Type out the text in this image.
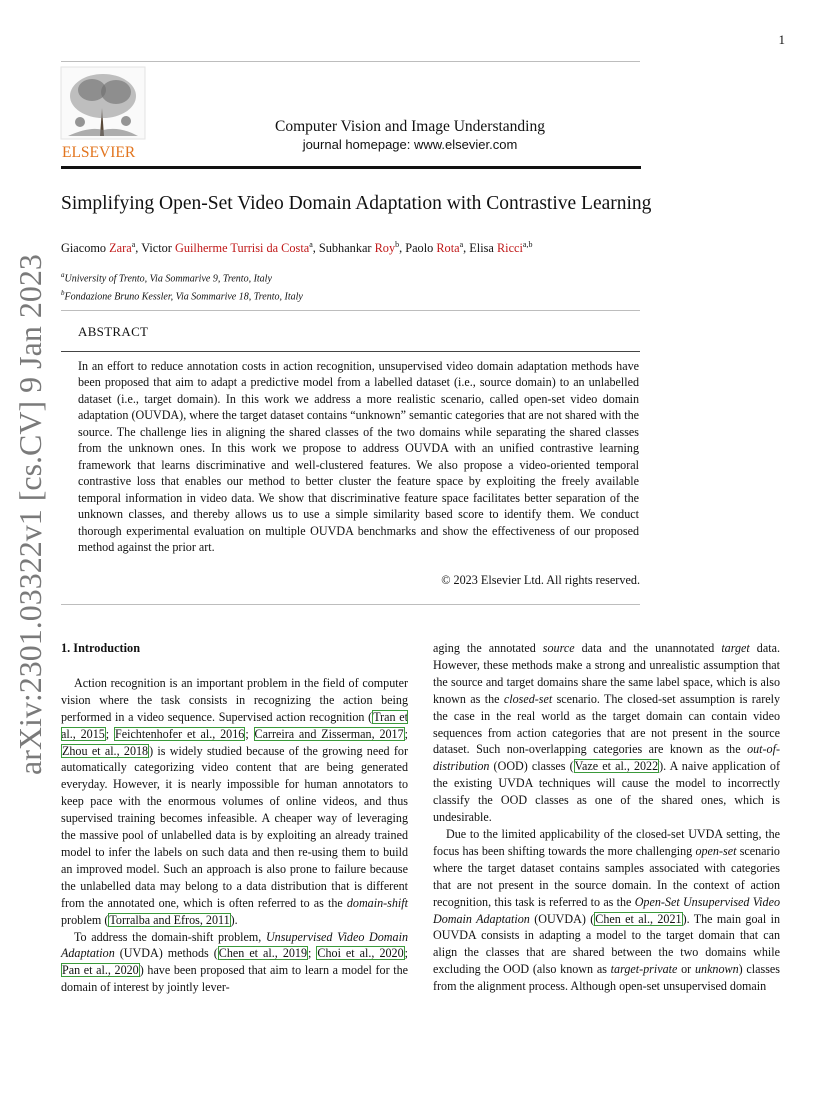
1
arXiv:2301.03322v1 [cs.CV] 9 Jan 2023
ELSEVIER
Computer Vision and Image Understanding
journal homepage: www.elsevier.com
Simplifying Open-Set Video Domain Adaptation with Contrastive Learning
Giacomo Zara$^a$, Victor Guilherme Turrisi da Costa$^a$, Subhankar Roy$^b$, Paolo Rota$^a$, Elisa Ricci$^{a,b}$
$^a$University of Trento, Via Sommarive 9, Trento, Italy
$^b$Fondazione Bruno Kessler, Via Sommarive 18, Trento, Italy
ABSTRACT
In an effort to reduce annotation costs in action recognition, unsupervised video domain adaptation methods have been proposed that aim to adapt a predictive model from a labelled dataset (i.e., source domain) to an unlabelled dataset (i.e., target domain). In this work we address a more realistic scenario, called open-set video domain adaptation (OUVDA), where the target dataset contains “unknown” semantic categories that are not shared with the source. The challenge lies in aligning the shared classes of the two domains while separating the shared classes from the unknown ones. In this work we propose to address OUVDA with an unified contrastive learning framework that learns discriminative and well-clustered features. We also propose a video-oriented temporal contrastive loss that enables our method to better cluster the feature space by exploiting the freely available temporal information in video data. We show that discriminative feature space facilitates better separation of the unknown classes, and thereby allows us to use a simple similarity based score to identify them. We conduct thorough experimental evaluation on multiple OUVDA benchmarks and show the effectiveness of our proposed method against the prior art.
© 2023 Elsevier Ltd. All rights reserved.
1. Introduction

Action recognition is an important problem in the field of computer vision where the task consists in recognizing the action being performed in a video sequence. Supervised action recognition (Tran et al., 2015; Feichtenhofer et al., 2016; Carreira and Zisserman, 2017; Zhou et al., 2018) is widely studied because of the growing need for automatically categorizing video content that are being generated everyday. However, it is nearly impossible for human annotators to keep pace with the enormous volumes of online videos, and thus supervised training becomes infeasible. A cheaper way of leveraging the massive pool of unlabelled data is by exploiting an already trained model to infer the labels on such data and then re-using them to build an improved model. Such an approach is also prone to failure because the unlabelled data may belong to a data distribution that is different from the annotated one, which is often referred to as the domain-shift problem (Torralba and Efros, 2011).

To address the domain-shift problem, Unsupervised Video Domain Adaptation (UVDA) methods (Chen et al., 2019; Choi et al., 2020; Pan et al., 2020) have been proposed that aim to learn a model for the domain of interest by jointly lever-

aging the annotated source data and the unannotated target data. However, these methods make a strong and unrealistic assumption that the source and target domains share the same label space, which is also known as the closed-set scenario. The closed-set assumption is rarely the case in the real world as the target domain can contain video sequences from action categories that are not present in the source dataset. Such non-overlapping categories are known as the out-of-distribution (OOD) classes (Vaze et al., 2022). A naive application of the existing UVDA techniques will cause the model to incorrectly classify the OOD classes as one of the shared ones, which is undesirable.

Due to the limited applicability of the closed-set UVDA setting, the focus has been shifting towards the more challenging open-set scenario where the target dataset contains samples associated with categories that are not present in the source domain. In the context of action recognition, this task is referred to as the Open-Set Unsupervised Video Domain Adaptation (OUVDA) (Chen et al., 2021). The main goal in OUVDA consists in adapting a model to the target domain that can align the classes that are shared between the two domains while excluding the OOD (also known as target-private or unknown) classes from the alignment process. Although open-set unsupervised domain
